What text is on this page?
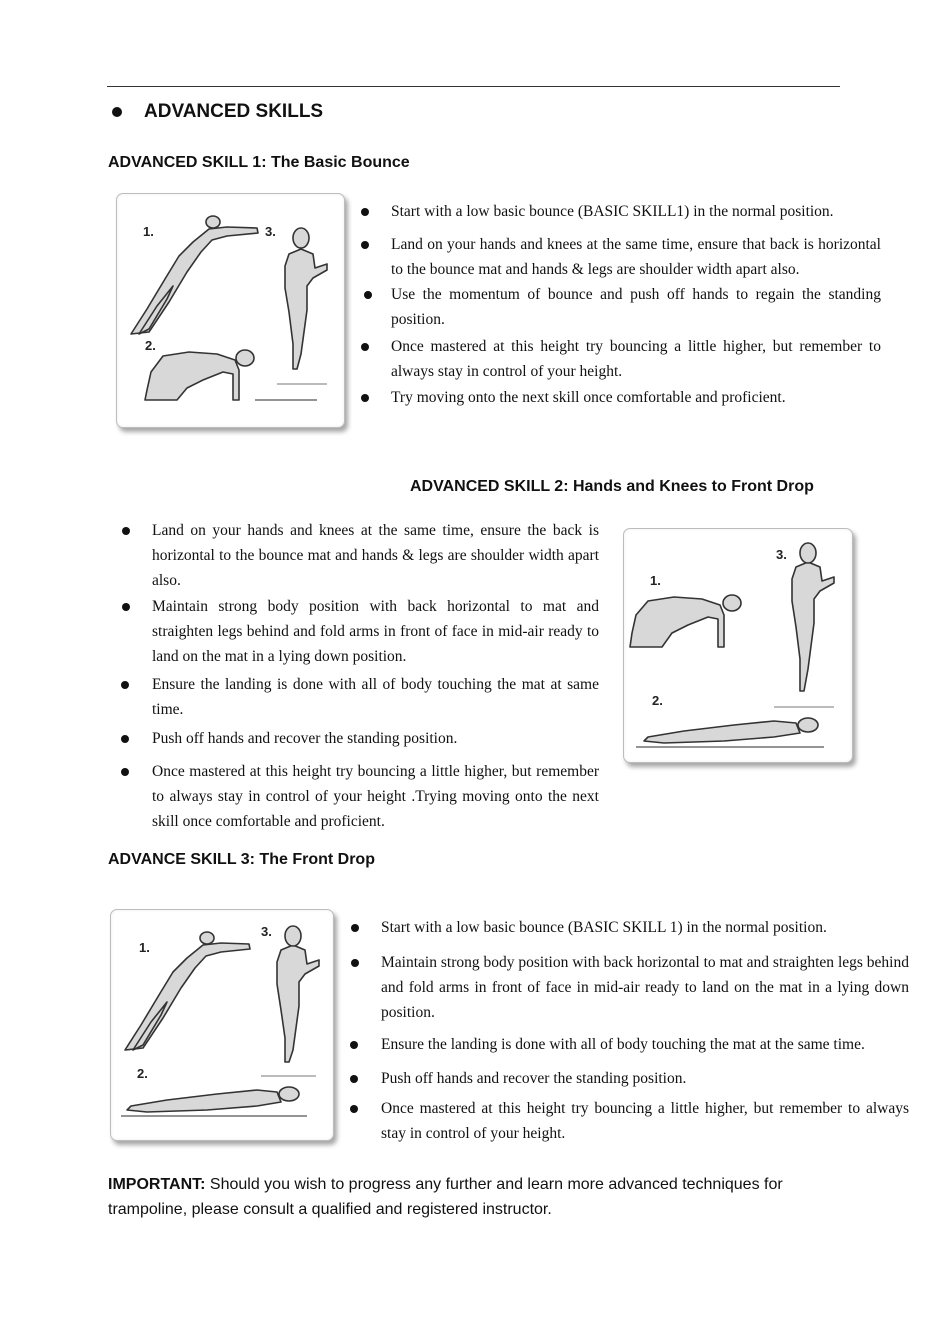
ADVANCED SKILLS
ADVANCED SKILL 1: The Basic Bounce
1.
2.
3.
Start with a low basic bounce (BASIC SKILL1) in the normal position.
Land on your hands and knees at the same time, ensure that back is horizontal to the bounce mat and hands & legs are shoulder width apart also.
Use the momentum of bounce and push off hands to regain the standing position.
Once mastered at this height try bouncing a little higher, but remember to always stay in control of your height.
Try moving onto the next skill once comfortable and proficient.
ADVANCED SKILL 2: Hands and Knees to Front Drop
Land on your hands and knees at the same time, ensure the back is horizontal to the bounce mat and hands & legs are shoulder width apart also.
Maintain strong body position with back horizontal to mat and straighten legs behind and fold arms in front of face in mid-air ready to land on the mat in a lying down position.
Ensure the landing is done with all of body touching the mat at same time.
Push off hands and recover the standing position.
Once mastered at this height try bouncing a little higher, but remember to always stay in control of your height .Trying moving onto the next skill once comfortable and proficient.
1.
2.
3.
ADVANCE SKILL 3: The Front Drop
1.
2.
3.	Start with a low basic bounce (BASIC SKILL 1) in the normal position.
Maintain strong body position with back horizontal to mat and straighten legs behind and fold arms in front of face in mid-air ready to land on the mat in a lying down position.
Ensure the landing is done with all of body touching the mat at the same time.
Push off hands and recover the standing position.
Once mastered at this height try bouncing a little higher, but remember to always stay in control of your height.
IMPORTANT: Should you wish to progress any further and learn more advanced techniques for trampoline, please consult a qualified and registered instructor.
